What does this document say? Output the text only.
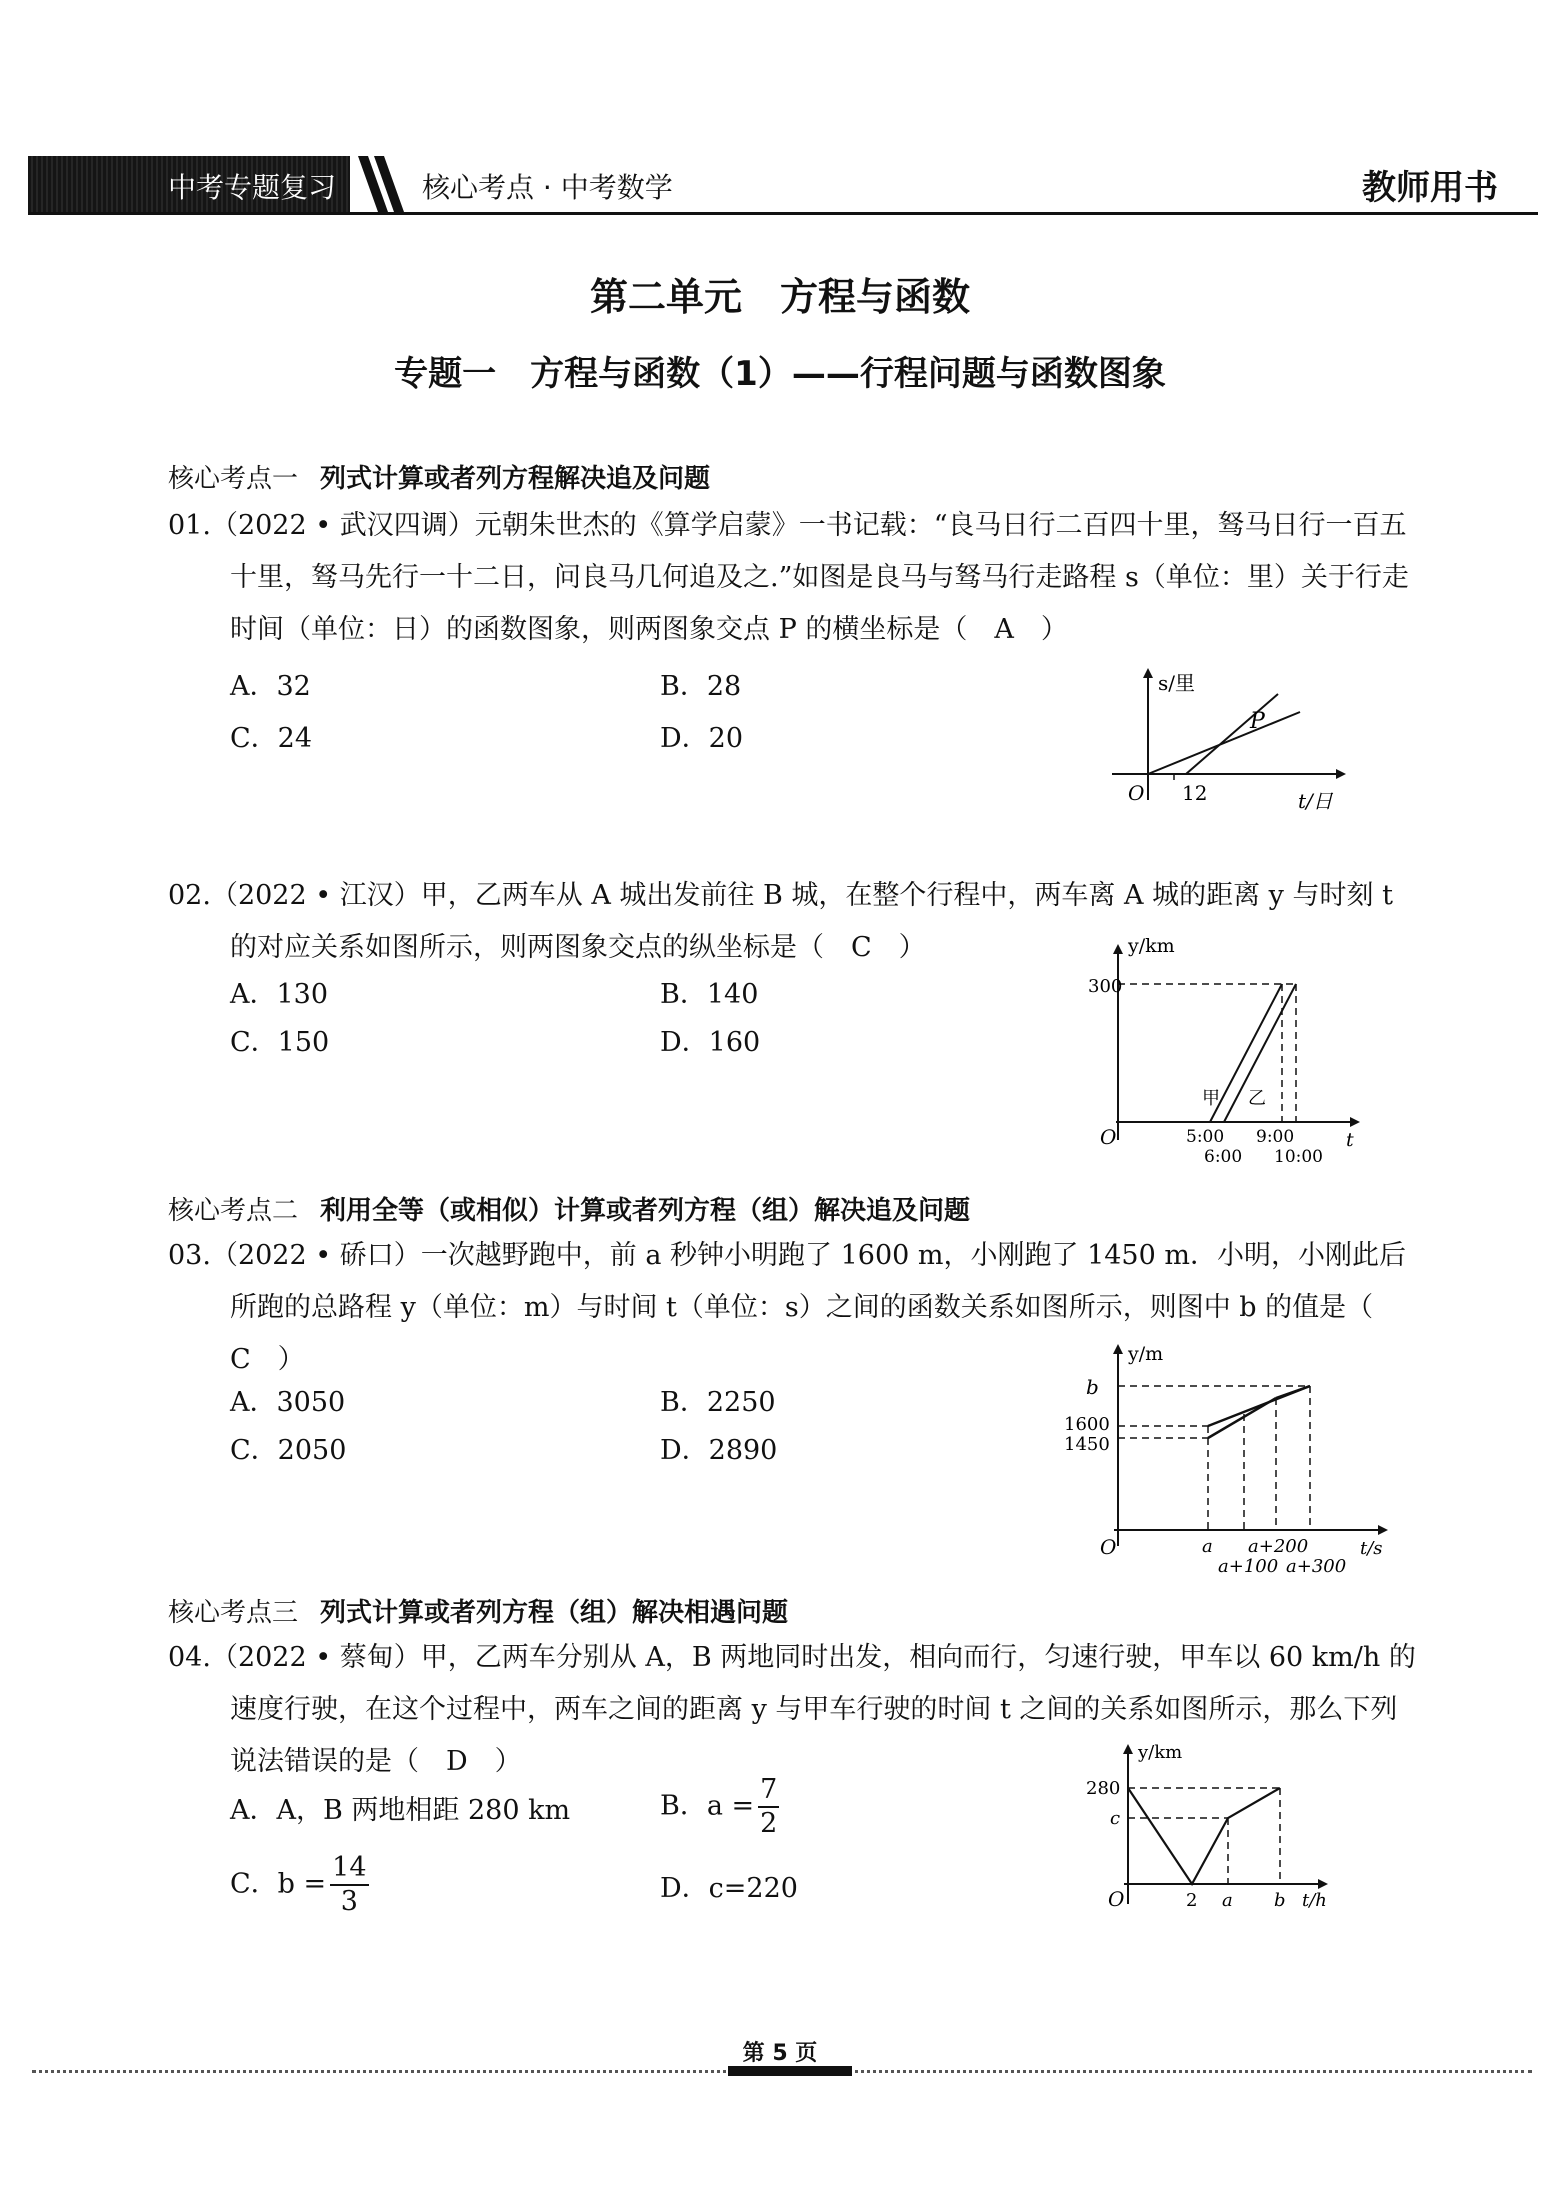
中考专题复习	核心考点 · 中考数学	教师用书
第二单元　方程与函数
专题一　方程与函数（1）——行程问题与函数图象
核心考点一 列式计算或者列方程解决追及问题
01.（2022 • 武汉四调）元朝朱世杰的《算学启蒙》一书记载：“良马日行二百四十里，驽马日行一百五十里，驽马先行一十二日，问良马几何追及之.”如图是良马与驽马行走路程 s（单位：里）关于行走时间（单位：日）的函数图象，则两图象交点 P 的横坐标是（　A　）
A．32	B．28
C．24	D．20
s/里
t/日
O 12
P
02.（2022 • 江汉）甲，乙两车从 A 城出发前往 B 城，在整个行程中，两车离 A 城的距离 y 与时刻 t 的对应关系如图所示，则两图象交点的纵坐标是（　C　）
A．130	B．140
C．150	D．160
300
y/km
t
O	5:00 9:00
6:00 10:00
甲 乙
核心考点二 利用全等（或相似）计算或者列方程（组）解决追及问题
03.（2022 • 硚口）一次越野跑中，前 a 秒钟小明跑了 1600 m，小刚跑了 1450 m．小明，小刚此后所跑的总路程 y（单位：m）与时间 t（单位：s）之间的函数关系如图所示，则图中 b 的值是（　C　）
A．3050	B．2250
C．2050	D．2890
y/m
b
1600
1450
O	a a+200
a+100 a+300
t/s
核心考点三 列式计算或者列方程（组）解决相遇问题
04.（2022 • 蔡甸）甲，乙两车分别从 A，B 两地同时出发，相向而行，匀速行驶，甲车以 60 km/h 的速度行驶，在这个过程中，两车之间的距离 y 与甲车行驶的时间 t 之间的关系如图所示，那么下列说法错误的是（　D　）
A．A，B 两地相距 280 km	B．$a = \frac{7}{2}$
C．$b = \frac{14}{3}$	D．c=220
y/km
280
c
O	2 a b t/h
第 5 页
